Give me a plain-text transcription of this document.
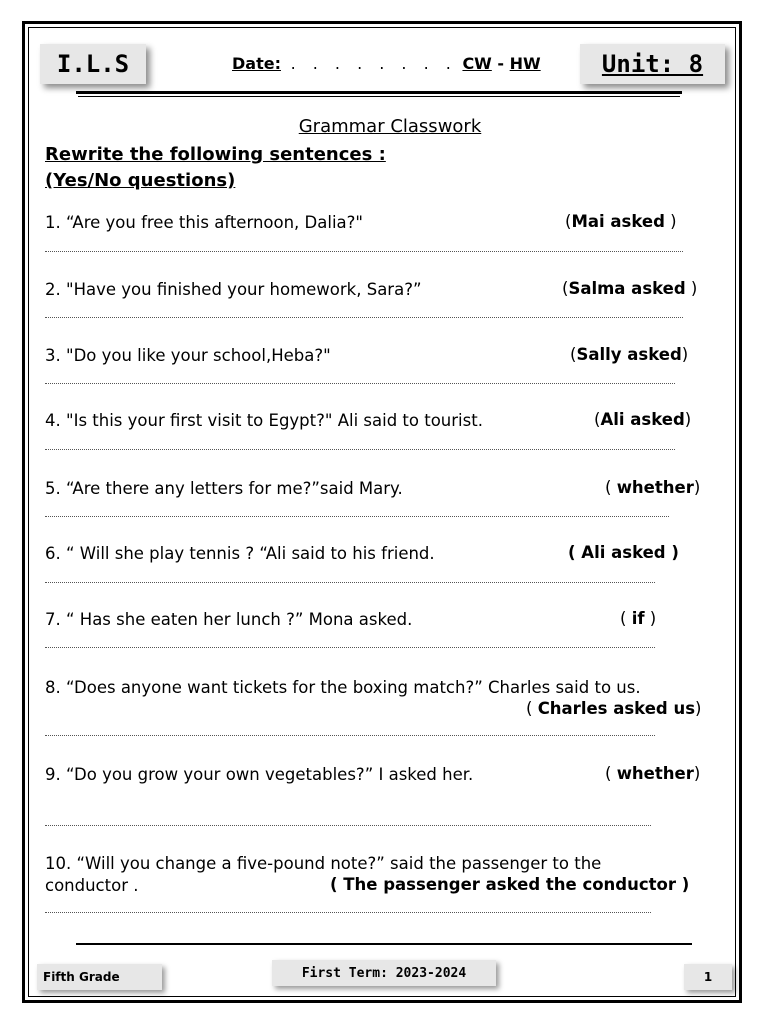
I.L.S	Date: . . . . . . . . CW - HW	Unit: 8
Grammar Classwork
Rewrite the following sentences :
(Yes/No questions)
1. “Are you free this afternoon, Dalia?"	(Mai asked )
2. "Have you finished your homework, Sara?”	(Salma asked )
3. "Do you like your school,Heba?"	(Sally asked)
4. "Is this your first visit to Egypt?" Ali said to tourist.	(Ali asked)
5. “Are there any letters for me?”said Mary.	( whether)
6. “ Will she play tennis ? “Ali said to his friend.	( Ali asked )
7. “ Has she eaten her lunch ?” Mona asked.	( if )
8. “Does anyone want tickets for the boxing match?” Charles said to us.
( Charles asked us)
9. “Do you grow your own vegetables?” I asked her.	( whether)
10. “Will you change a five-pound note?” said the passenger to the
conductor .	( The passenger asked the conductor )
Fifth Grade	First Term: 2023-2024	1
